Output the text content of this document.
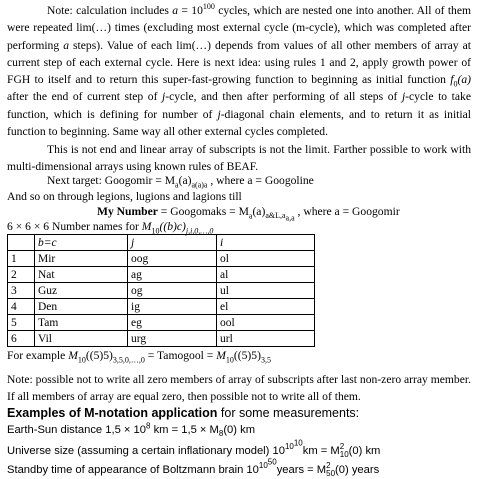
Note: calculation includes $a = 10^{100}$ cycles, which are nested one into another. All of them were repeated lim(…) times (excluding most external cycle (m-cycle), which was completed after performing a steps). Value of each lim(…) depends from values of all other members of array at current step of each external cycle. Here is next idea: using rules 1 and 2, apply growth power of FGH to itself and to return this super-fast-growing function to beginning as initial function $f_0(a)$ after the end of current step of j-cycle, and then after performing of all steps of j-cycle to take function, which is defining for number of j-diagonal chain elements, and to return it as initial function to beginning. Same way all other external cycles completed.
This is not end and linear array of subscripts is not the limit. Farther possible to work with multi-dimensional arrays using known rules of BEAF.
Next target: Googomir = $M_a(a)_{a(a)a}$ , where a = Googoline
And so on through legions, lugions and lagions till
My Number = Googomaks = $M_a(a)_{a\&L,a_{a,a}}$ , where a = Googomir
6 × 6 × 6 Number names for $M_{10}((b)c)_{j,i,0,\dots,0}$
	b=c	j	i
1	Mir	oog	ol
2	Nat	ag	al
3	Guz	og	ul
4	Den	ig	el
5	Tam	eg	ool
6	Vil	urg	url
For example $M_{10}((5)5)_{3,5,0,\dots,0}$ = Tamogool = $M_{10}((5)5)_{3,5}$
Note: possible not to write all zero members of array of subscripts after last non-zero array member. If all members of array are equal zero, then possible not to write all of them.
Examples of M-notation application for some measurements:
Earth-Sun distance $1,5 \times 10^8$ km = $1,5 \times M_8(0)$ km
Universe size (assuming a certain inflationary model) $10^{10^{10}}km = M2$
10(0) km
Standby time of appearance of Boltzmann brain $10^{10^{50}}years = M2$
50(0) years
